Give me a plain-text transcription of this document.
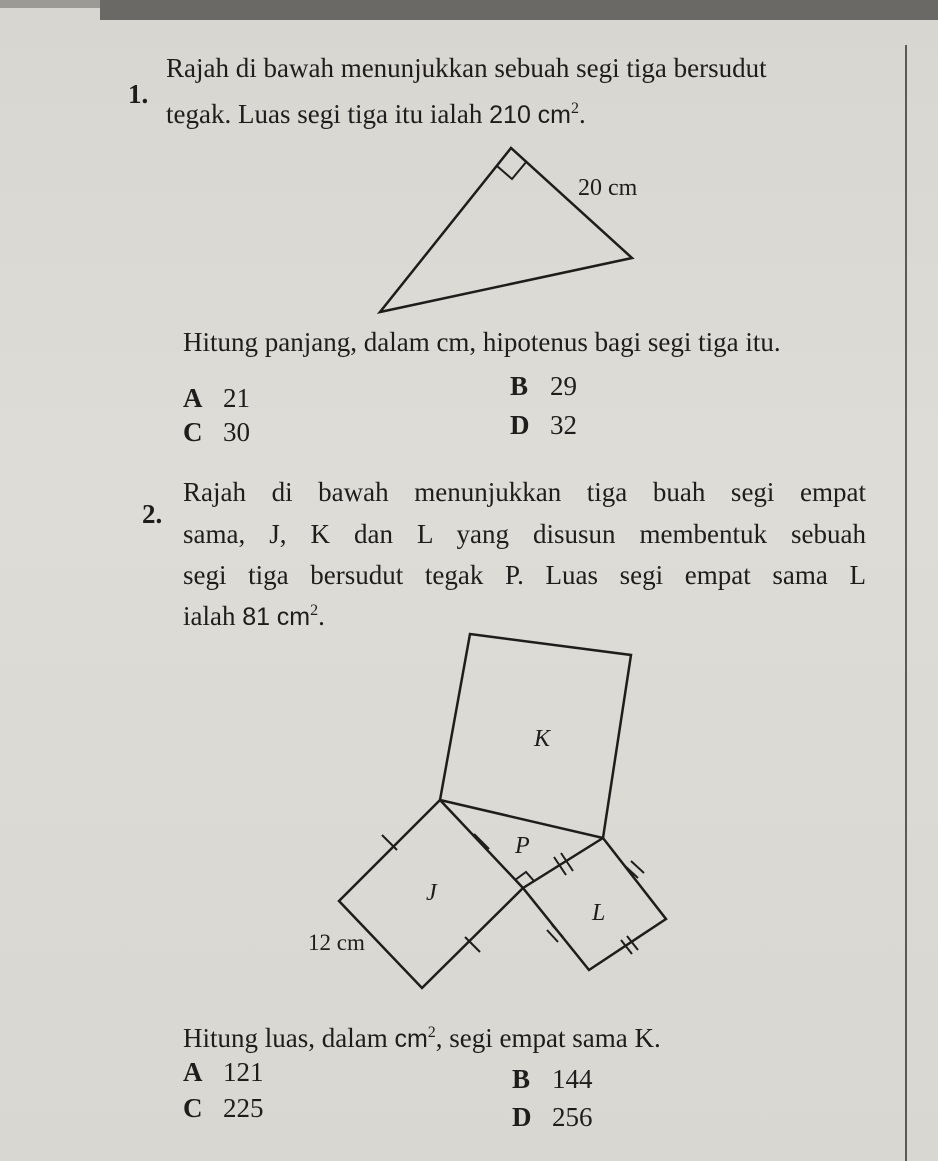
1.
Rajah di bawah menunjukkan sebuah segi tiga bersudut
tegak. Luas segi tiga itu ialah 210 $cm^2$.
20 cm
Hitung panjang, dalam cm, hipotenus bagi segi tiga itu.
A 21	B 29
C 30	D 32
2.
Rajah di bawah menunjukkan tiga buah segi empat
sama, J, K dan L yang disusun membentuk sebuah
segi tiga bersudut tegak P. Luas segi empat sama L
ialah 81 $cm^2$.
K
P
J
L
12 cm
Hitung luas, dalam $cm^2$, segi empat sama K.
A 121	B 144
C 225	D 256
